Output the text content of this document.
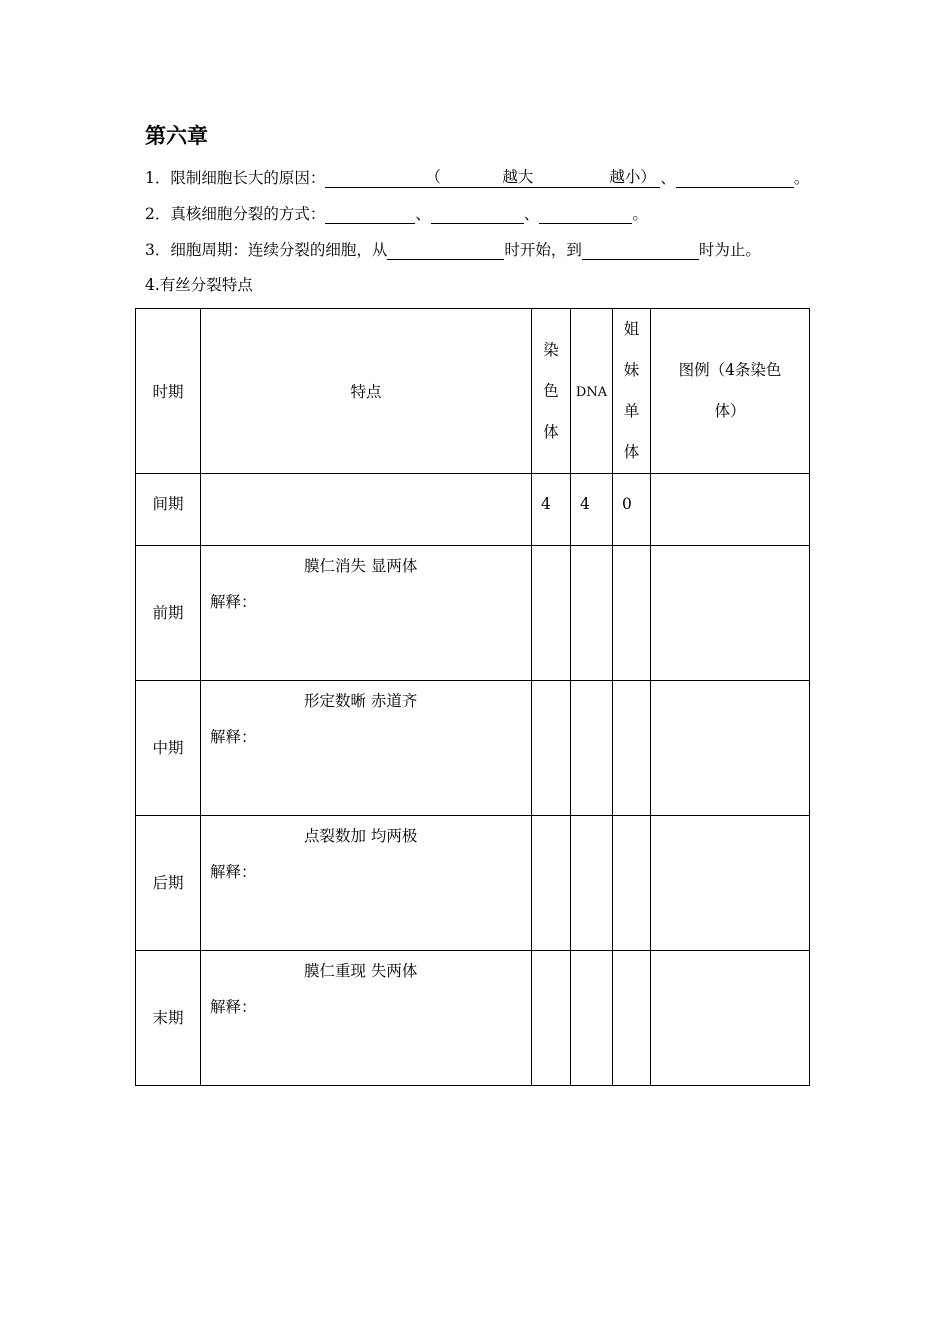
第六章
1．限制细胞长大的原因：	（	越大	越小） 、	。
2．真核细胞分裂的方式：	、	、	。
3．细胞周期：连续分裂的细胞，从	时开始，到	时为止。
4.有丝分裂特点
时期	特点	染色体	DNA	姐妹单体	图例（4条染色体）

间期		4	4	0	
前期	膜仁消失 显两体
解释：				

中期	形定数晰 赤道齐
解释：				

后期	点裂数加 均两极
解释：				

末期	膜仁重现 失两体
解释：				
